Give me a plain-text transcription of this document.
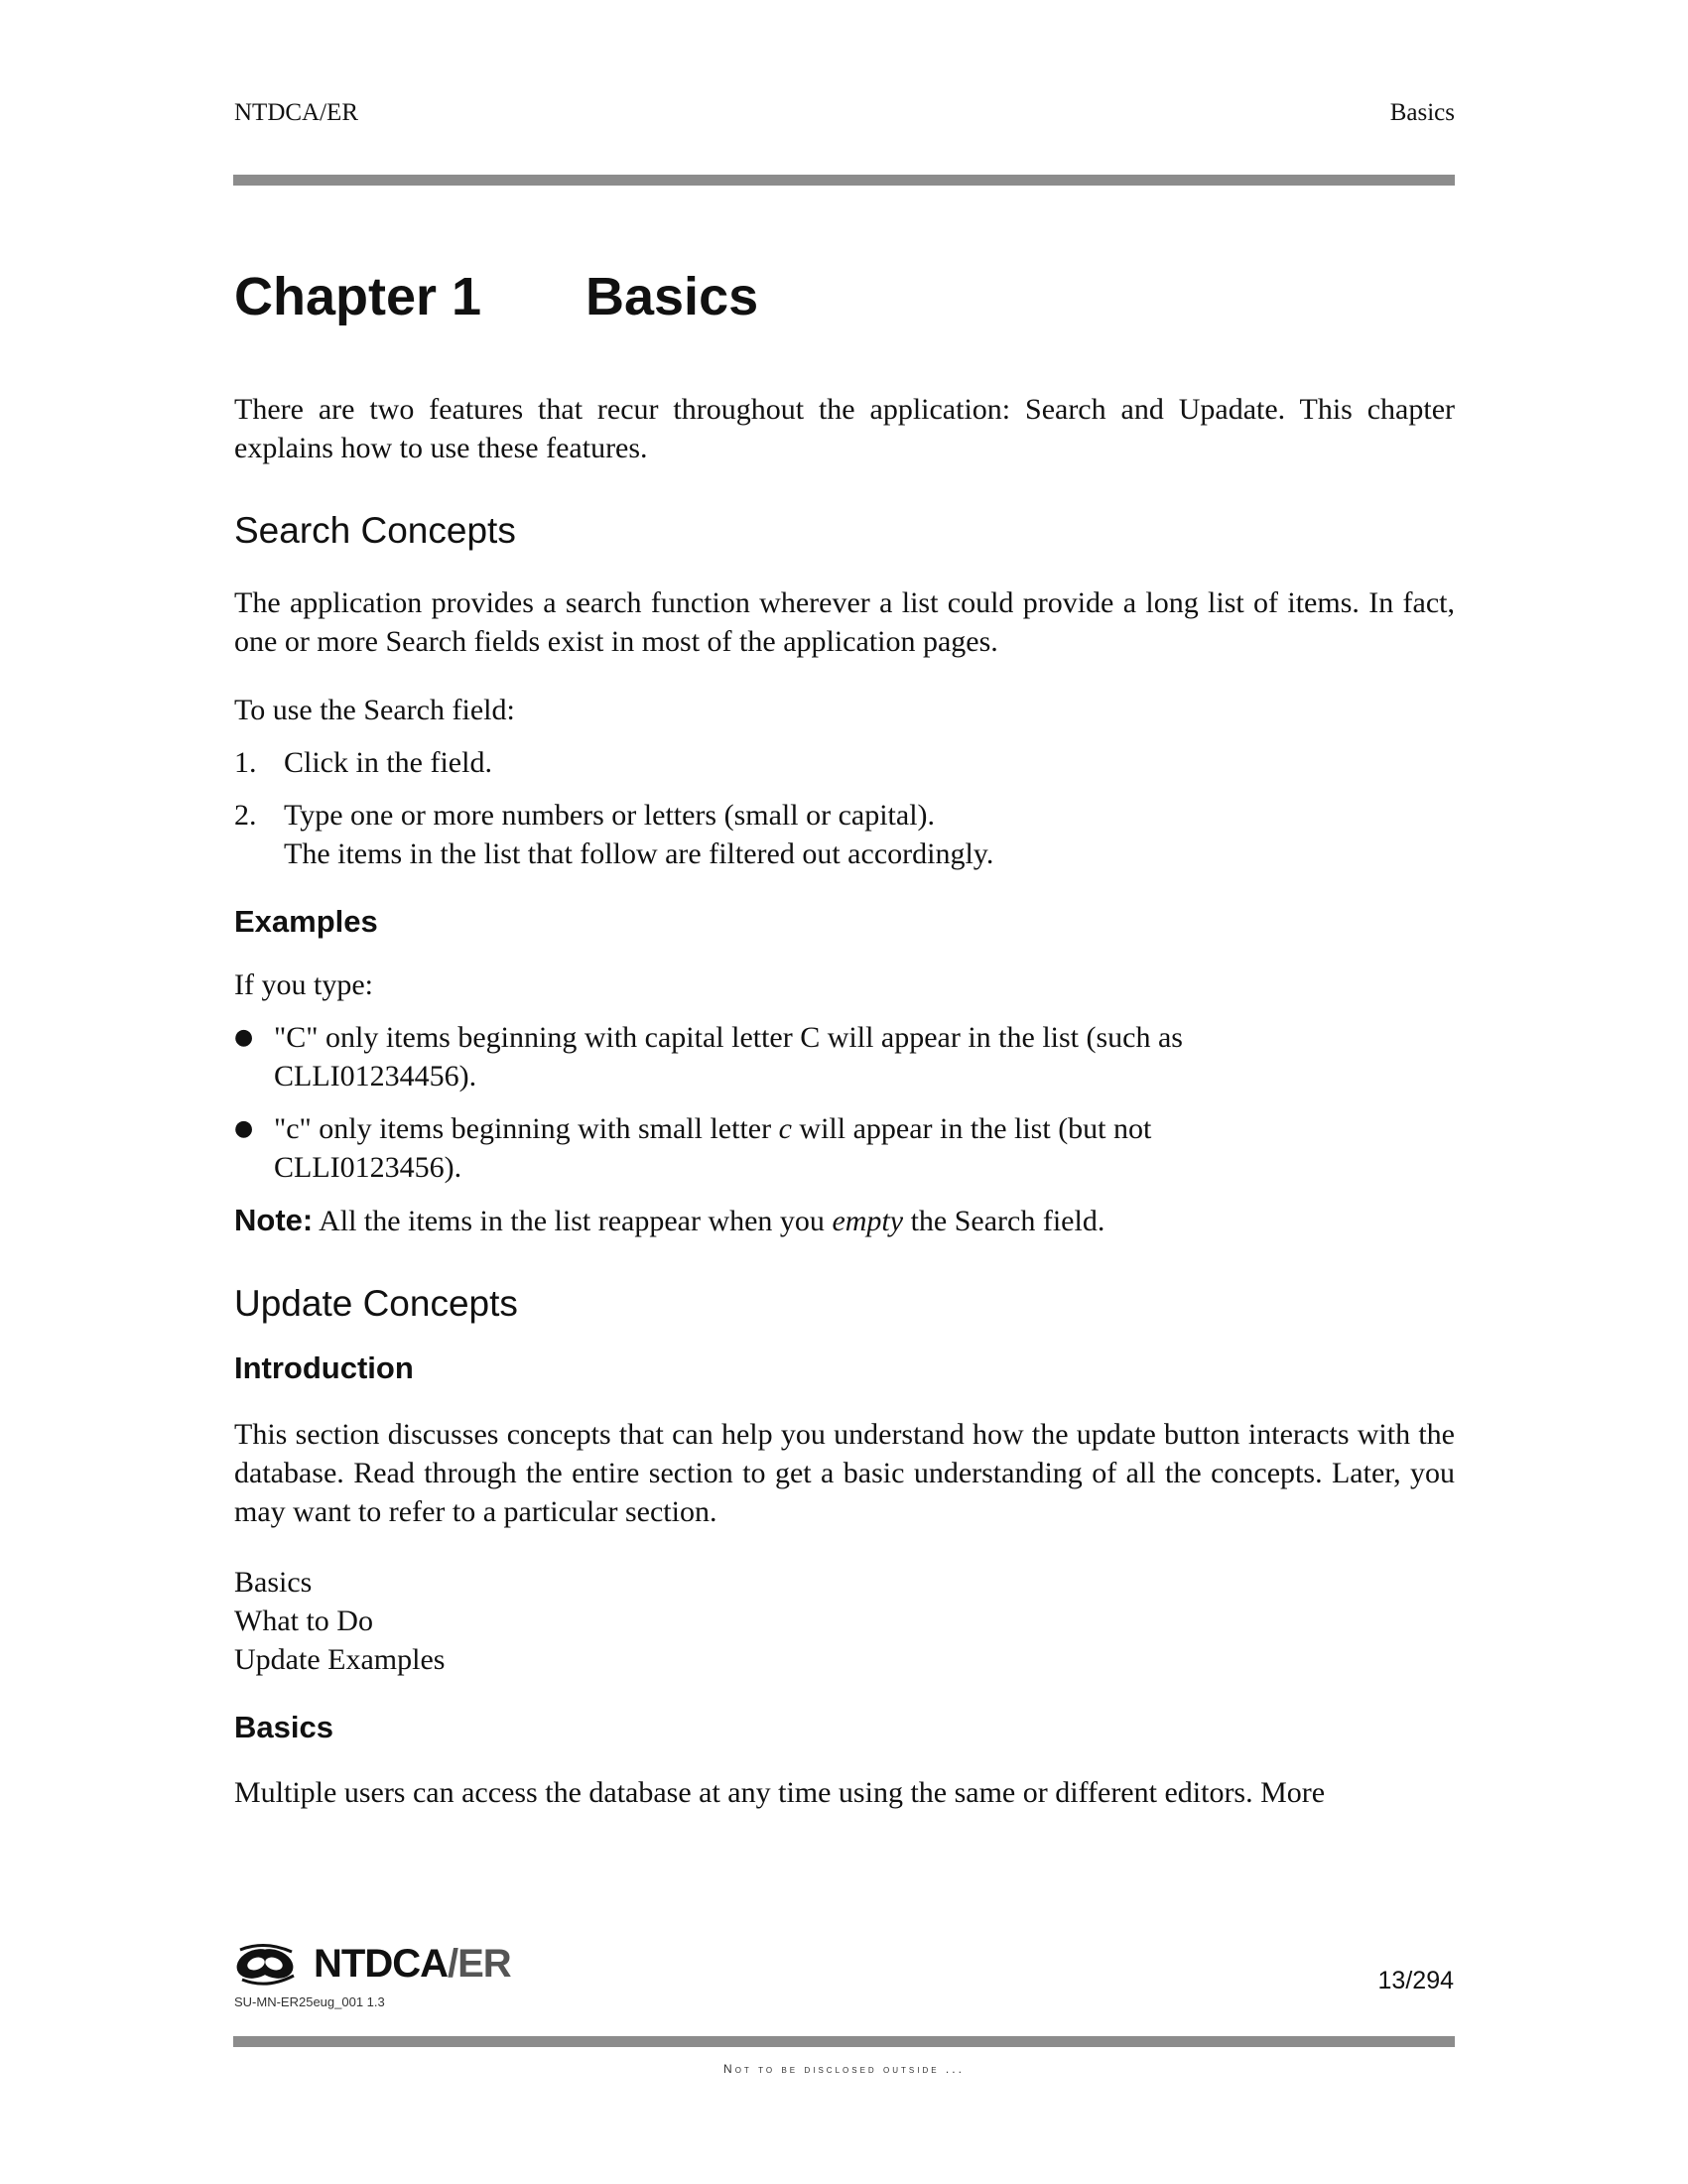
NTDCA/ER	Basics
Chapter 1	Basics

There are two features that recur throughout the application: Search and Upadate. This chapter explains how to use these features.

Search Concepts

The application provides a search function wherever a list could provide a long list of items. In fact, one or more Search fields exist in most of the application pages.

To use the Search field:

1. Click in the field.
2. Type one or more numbers or letters (small or capital).
The items in the list that follow are filtered out accordingly.
Examples

If you type:

● "C" only items beginning with capital letter C will appear in the list (such as
CLLI01234456).
● "c" only items beginning with small letter c will appear in the list (but not
CLLI0123456).

Note: All the items in the list reappear when you empty the Search field.

Update Concepts
Introduction

This section discusses concepts that can help you understand how the update button interacts with the database. Read through the entire section to get a basic understanding of all the concepts. Later, you may want to refer to a particular section.

Basics
What to Do
Update Examples
Basics

Multiple users can access the database at any time using the same or different editors. More

NTDCA/ER
SU-MN-ER25eug_001 1.3
13/294
Not to be disclosed outside ...
